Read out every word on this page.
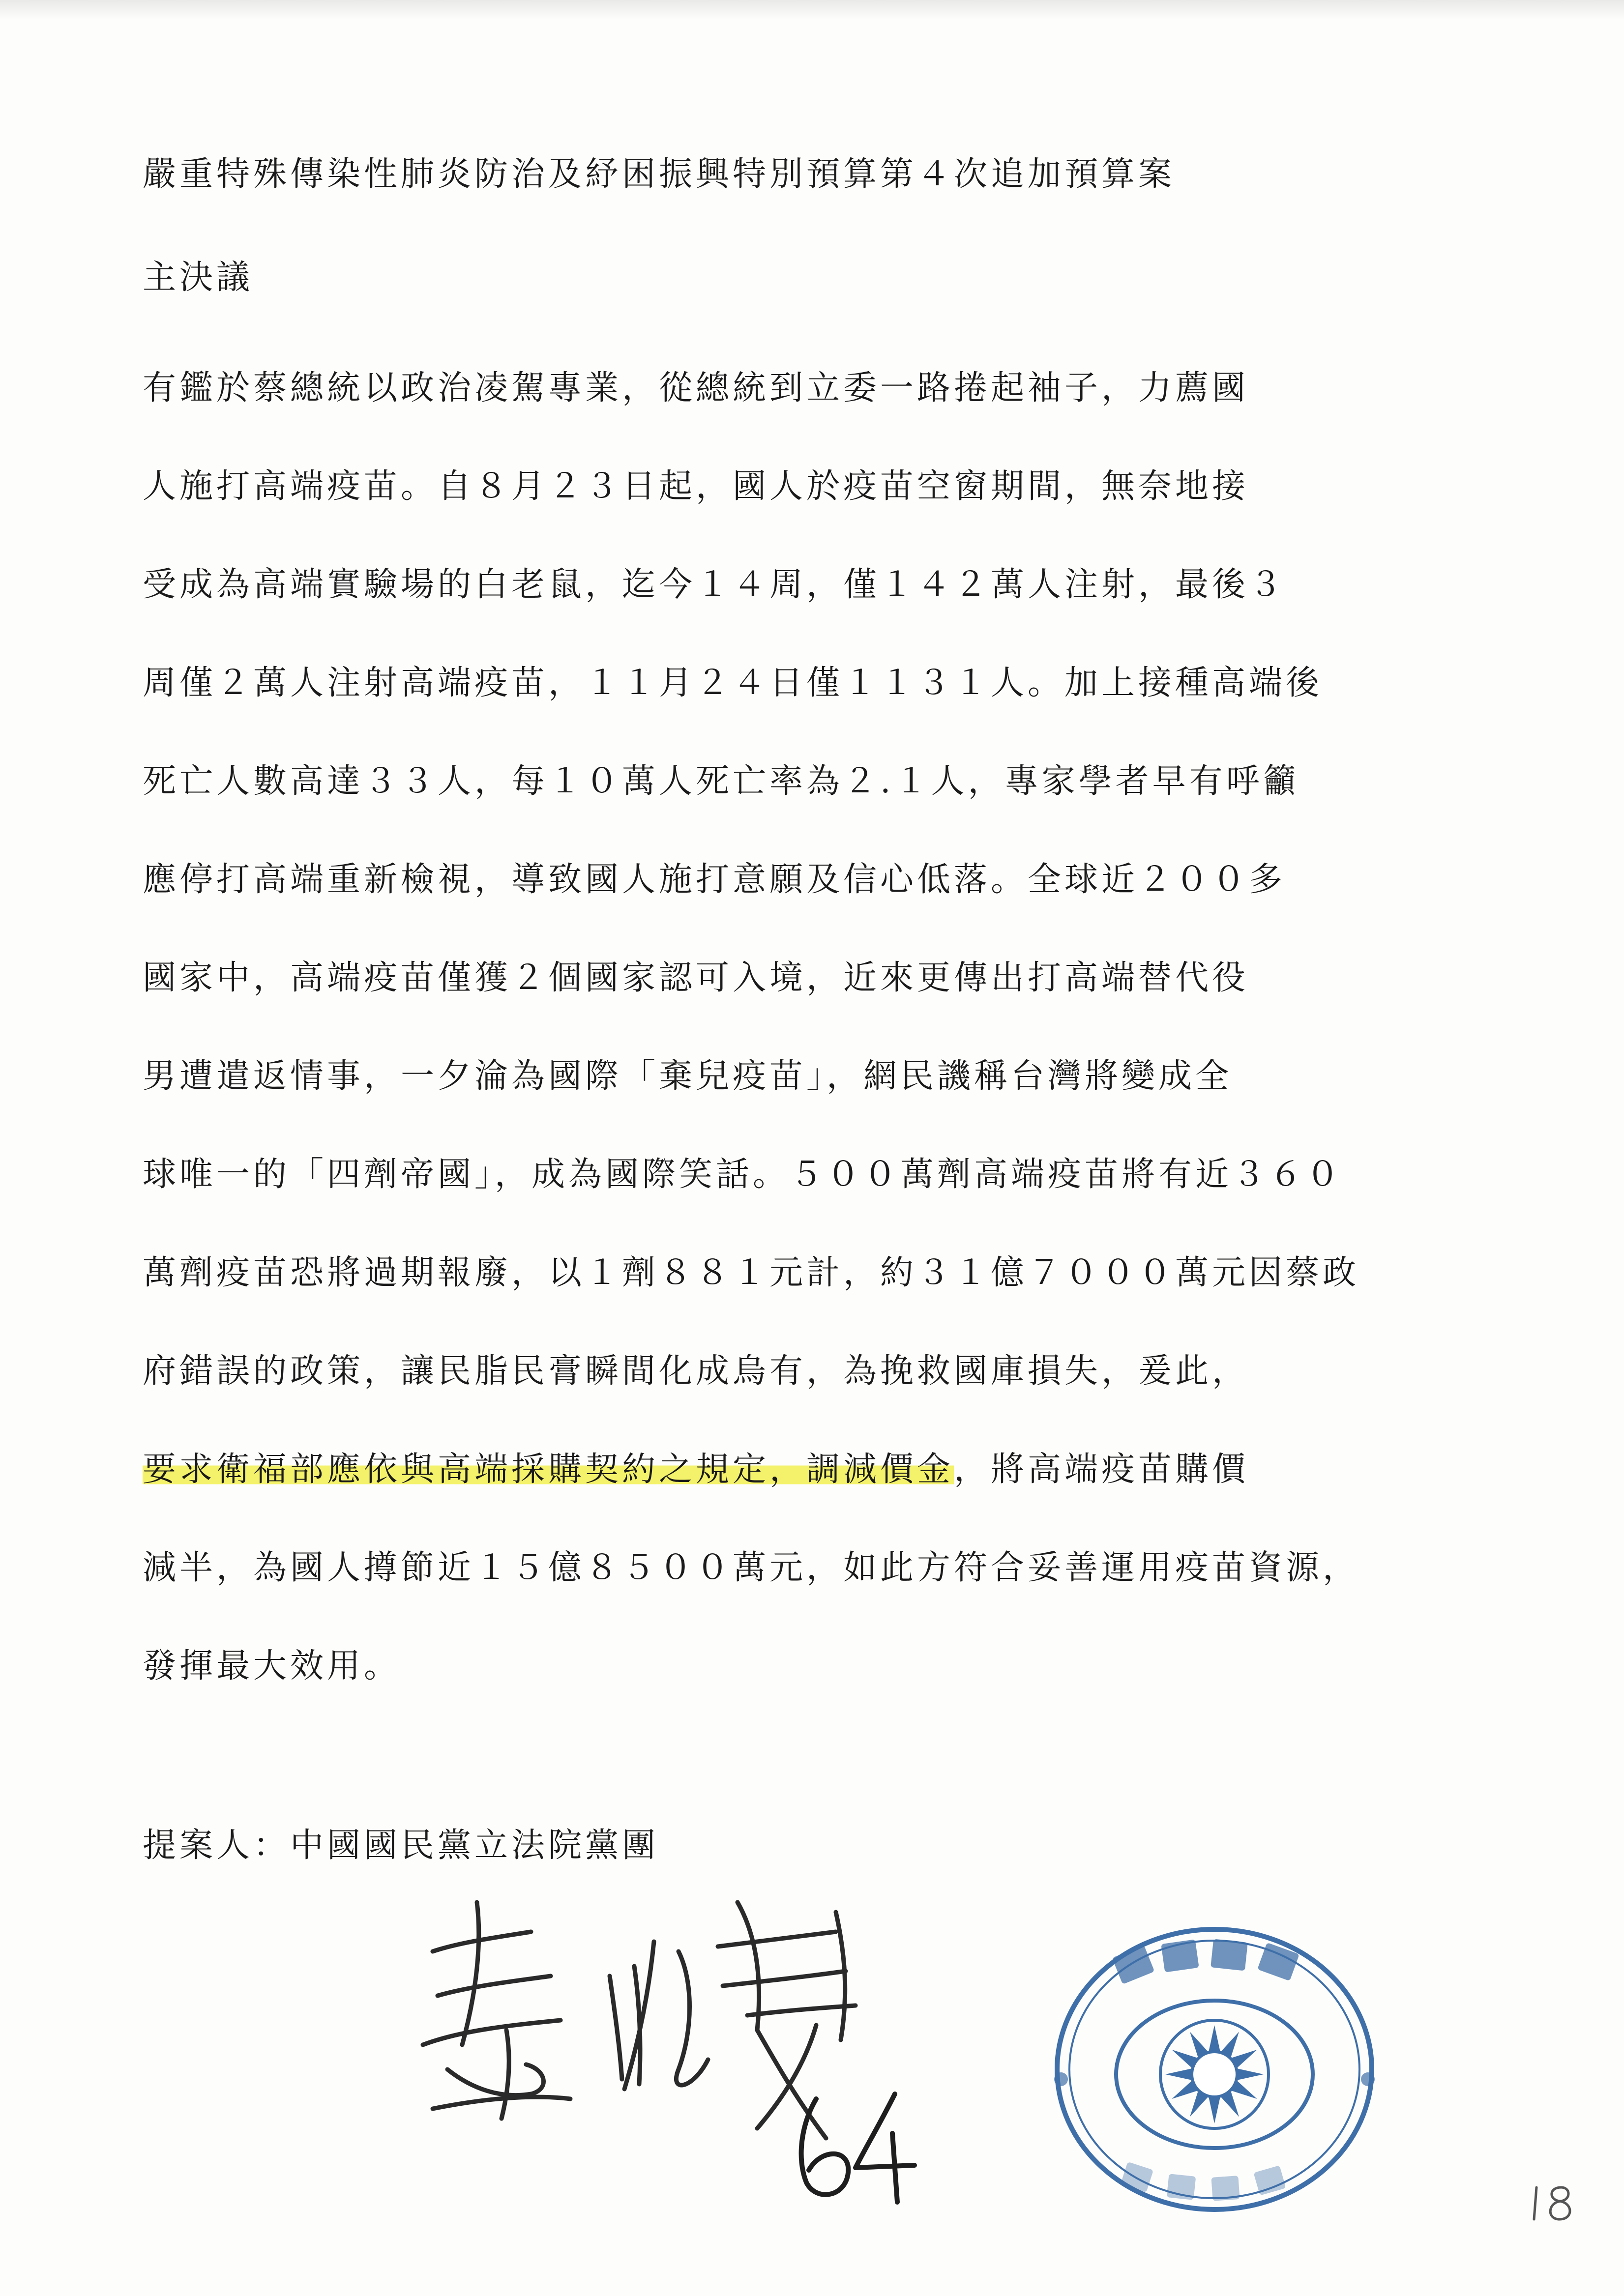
嚴重特殊傳染性肺炎防治及紓困振興特別預算第４次追加預算案
主決議
有鑑於蔡總統以政治凌駕專業，從總統到立委一路捲起袖子，力薦國
人施打高端疫苗。自８月２３日起，國人於疫苗空窗期間，無奈地接
受成為高端實驗場的白老鼠，迄今１４周，僅１４２萬人注射，最後３
周僅２萬人注射高端疫苗，１１月２４日僅１１３１人。加上接種高端後
死亡人數高達３３人，每１０萬人死亡率為２.１人，專家學者早有呼籲
應停打高端重新檢視，導致國人施打意願及信心低落。全球近２００多
國家中，高端疫苗僅獲２個國家認可入境，近來更傳出打高端替代役
男遭遣返情事，一夕淪為國際「棄兒疫苗」，網民譏稱台灣將變成全
球唯一的「四劑帝國」，成為國際笑話。５００萬劑高端疫苗將有近３６０
萬劑疫苗恐將過期報廢，以１劑８８１元計，約３１億７０００萬元因蔡政
府錯誤的政策，讓民脂民膏瞬間化成烏有，為挽救國庫損失，爰此，
要求衛福部應依與高端採購契約之規定，調減價金，將高端疫苗購價
減半，為國人撙節近１５億８５００萬元，如此方符合妥善運用疫苗資源，
發揮最大效用。
提案人：中國國民黨立法院黨團
